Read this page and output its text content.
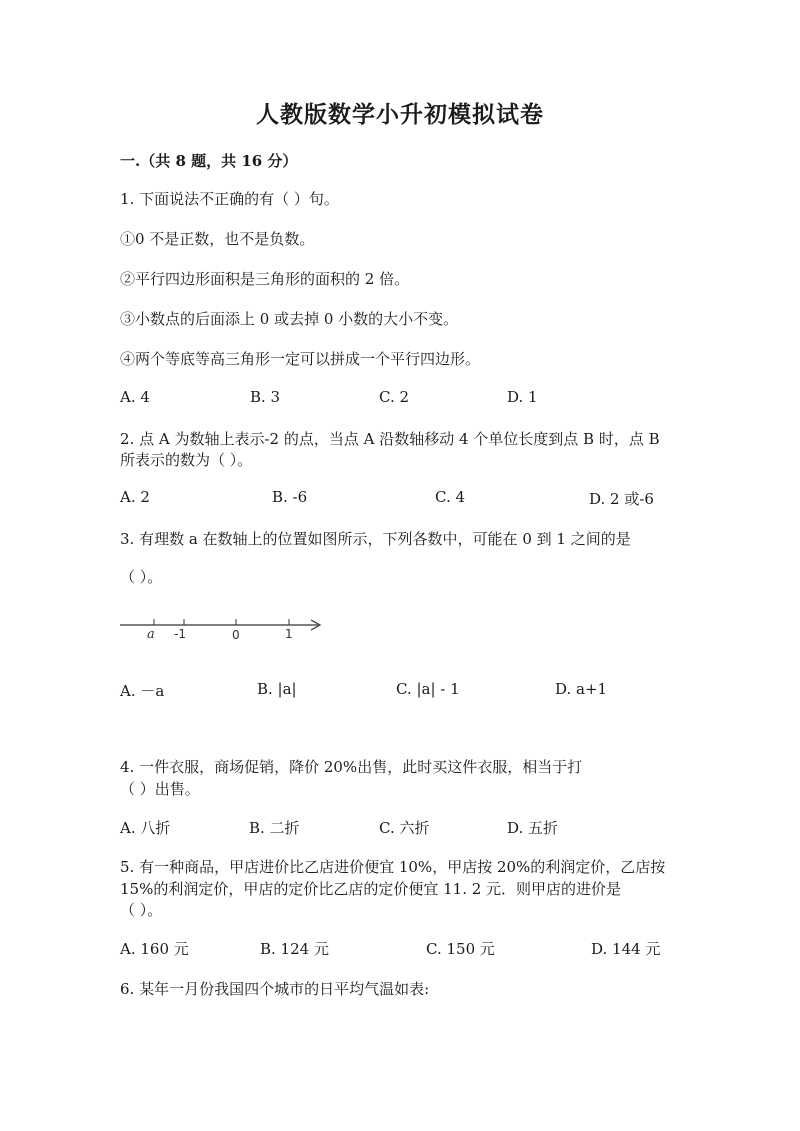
人教版数学小升初模拟试卷
一.（共 8 题，共 16 分）
1. 下面说法不正确的有（ ）句。
①0 不是正数，也不是负数。
②平行四边形面积是三角形的面积的 2 倍。
③小数点的后面添上 0 或去掉 0 小数的大小不变。
④两个等底等高三角形一定可以拼成一个平行四边形。
A. 4	B. 3	C. 2	D. 1
2. 点 A 为数轴上表示-2 的点，当点 A 沿数轴移动 4 个单位长度到点 B 时，点 B
所表示的数为（ ）。
A. 2	B. -6	C. 4	D. 2 或-6
3. 有理数 a 在数轴上的位置如图所示，下列各数中，可能在 0 到 1 之间的是
（ ）。
a -1	0	1
A. －a	B. |a|	C. |a| - 1	D. a+1
4. 一件衣服，商场促销，降价 20%出售，此时买这件衣服，相当于打
（ ）出售。
A. 八折	B. 二折	C. 六折	D. 五折
5. 有一种商品，甲店进价比乙店进价便宜 10%，甲店按 20%的利润定价，乙店按
15%的利润定价，甲店的定价比乙店的定价便宜 11. 2 元．则甲店的进价是
（ ）。
A. 160 元	B. 124 元	C. 150 元	D. 144 元
6. 某年一月份我国四个城市的日平均气温如表:
